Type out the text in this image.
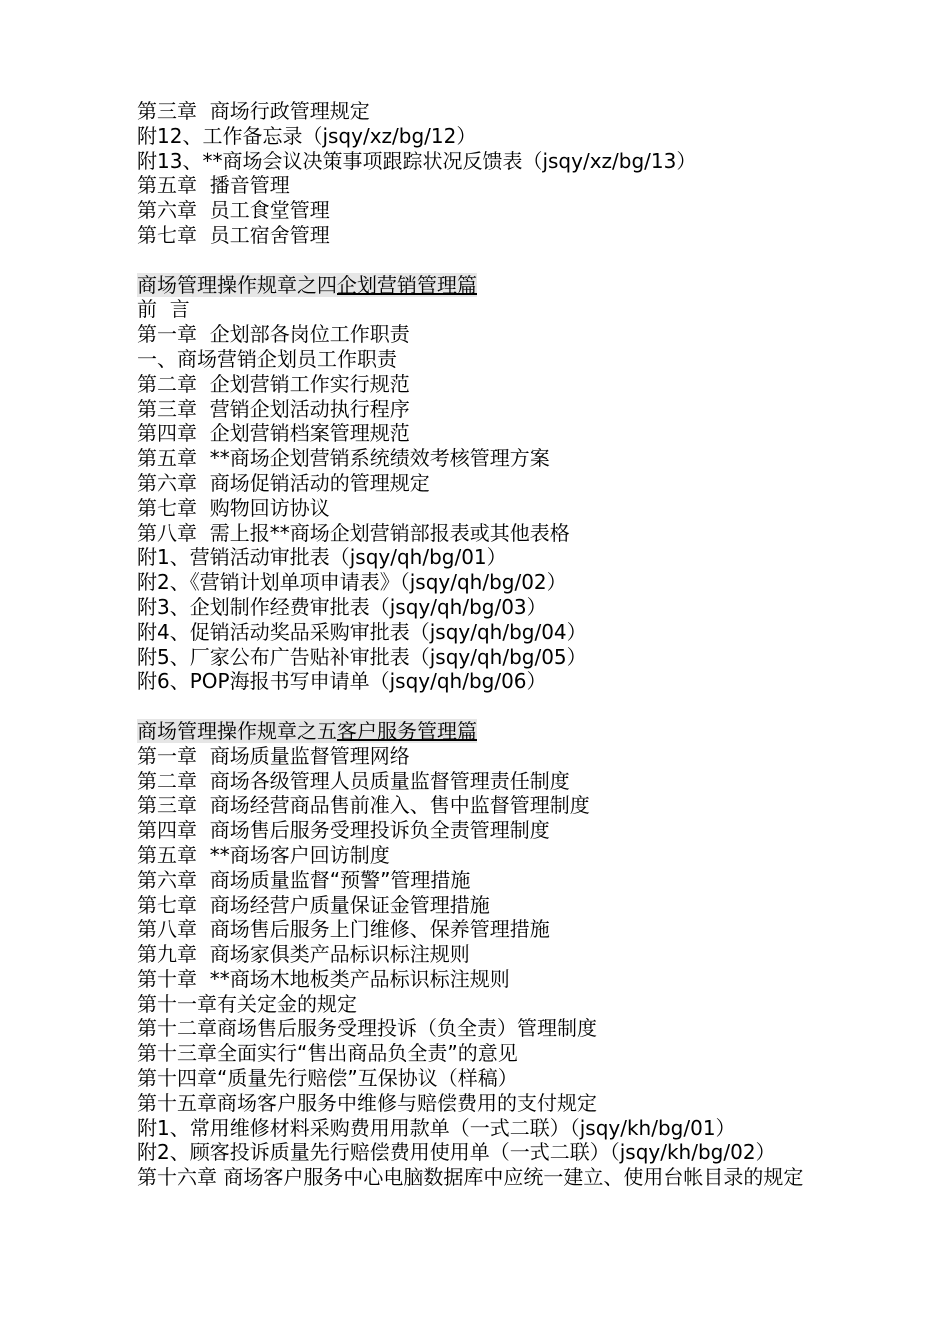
第三章  商场行政管理规定
附12、工作备忘录（jsqy/xz/bg/12）
附13、**商场会议决策事项跟踪状况反馈表（jsqy/xz/bg/13）
第五章  播音管理
第六章  员工食堂管理
第七章  员工宿舍管理
商场管理操作规章之四企划营销管理篇
前  言
第一章  企划部各岗位工作职责
一、商场营销企划员工作职责
第二章  企划营销工作实行规范
第三章  营销企划活动执行程序
第四章  企划营销档案管理规范
第五章  **商场企划营销系统绩效考核管理方案
第六章  商场促销活动的管理规定
第七章  购物回访协议
第八章  需上报**商场企划营销部报表或其他表格
附1、营销活动审批表（jsqy/qh/bg/01）
附2、《营销计划单项申请表》（jsqy/qh/bg/02）
附3、企划制作经费审批表（jsqy/qh/bg/03）
附4、促销活动奖品采购审批表（jsqy/qh/bg/04）
附5、厂家公布广告贴补审批表（jsqy/qh/bg/05）
附6、POP海报书写申请单（jsqy/qh/bg/06）
商场管理操作规章之五客户服务管理篇
第一章  商场质量监督管理网络
第二章  商场各级管理人员质量监督管理责任制度
第三章  商场经营商品售前准入、售中监督管理制度
第四章  商场售后服务受理投诉负全责管理制度
第五章  **商场客户回访制度
第六章  商场质量监督“预警”管理措施
第七章  商场经营户质量保证金管理措施
第八章  商场售后服务上门维修、保养管理措施
第九章  商场家俱类产品标识标注规则
第十章  **商场木地板类产品标识标注规则
第十一章有关定金的规定
第十二章商场售后服务受理投诉（负全责）管理制度
第十三章全面实行“售出商品负全责”的意见
第十四章“质量先行赔偿”互保协议（样稿）
第十五章商场客户服务中维修与赔偿费用的支付规定
附1、常用维修材料采购费用用款单（一式二联）（jsqy/kh/bg/01）
附2、顾客投诉质量先行赔偿费用使用单（一式二联）（jsqy/kh/bg/02）
第十六章 商场客户服务中心电脑数据库中应统一建立、使用台帐目录的规定
